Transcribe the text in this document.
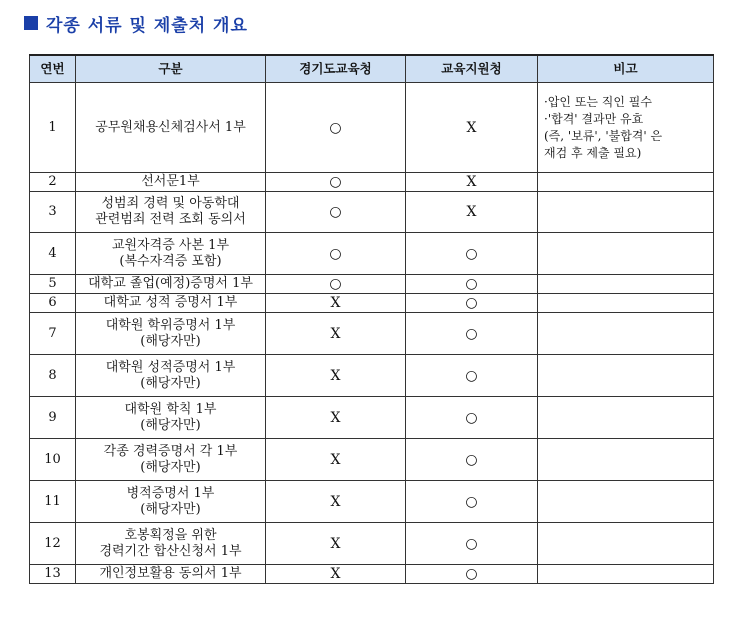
각종 서류 및 제출처 개요
연번	구분	경기도교육청	교육지원청	비고
1	공무원채용신체검사서 1부	○	X	·압인 또는 직인 필수
·'합격' 결과만 유효
(즉, '보류', '불합격' 은
재검 후 제출 필요)
2	선서문1부	○	X	
3	성범죄 경력 및 아동학대
관련범죄 전력 조회 동의서	○	X	
4	교원자격증 사본 1부
(복수자격증 포함)	○	○	
5	대학교 졸업(예정)증명서 1부	○	○	
6	대학교 성적 증명서 1부	X	○	
7	대학원 학위증명서 1부
(해당자만)	X	○	
8	대학원 성적증명서 1부
(해당자만)	X	○	
9	대학원 학칙 1부
(해당자만)	X	○	
10	각종 경력증명서 각 1부
(해당자만)	X	○	
11	병적증명서 1부
(해당자만)	X	○	
12	호봉획정을 위한
경력기간 합산신청서 1부	X	○	
13	개인정보활용 동의서 1부	X	○	
